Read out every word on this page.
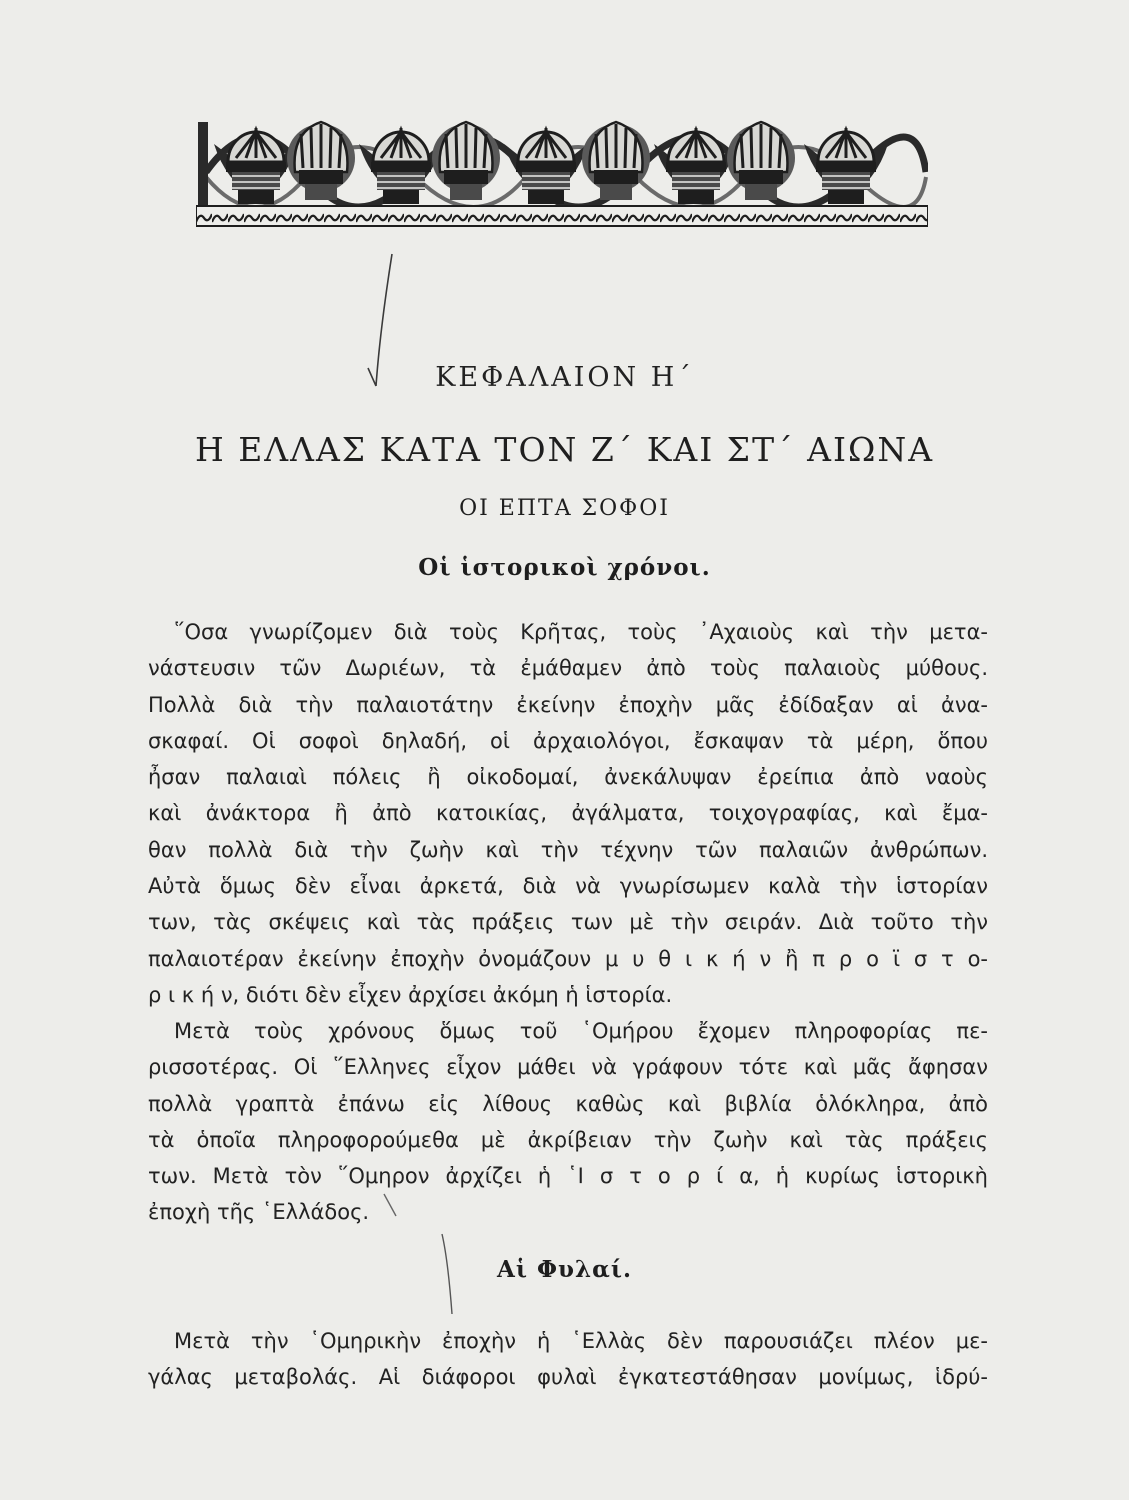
ΚΕΦΑΛΑΙΟΝ Η΄
Η ΕΛΛΑΣ ΚΑΤΑ ΤΟΝ Ζ΄ ΚΑΙ ΣΤ΄ ΑΙΩΝΑ
ΟΙ ΕΠΤΑ ΣΟΦΟΙ
Οἱ ἱστορικοὶ χρόνοι.

῞Οσα γνωρίζομεν διὰ τοὺς Κρῆτας, τοὺς ᾿Αχαιοὺς καὶ τὴν μετα-
νάστευσιν τῶν Δωριέων, τὰ ἐμάθαμεν ἀπὸ τοὺς παλαιοὺς μύθους.
Πολλὰ διὰ τὴν παλαιοτάτην ἐκείνην ἐποχὴν μᾶς ἐδίδαξαν αἱ ἀνα-
σκαφαί. Οἱ σοφοὶ δηλαδή, οἱ ἀρχαιολόγοι, ἔσκαψαν τὰ μέρη, ὅπου
ἦσαν παλαιαὶ πόλεις ἢ οἰκοδομαί, ἀνεκάλυψαν ἐρείπια ἀπὸ ναοὺς
καὶ ἀνάκτορα ἢ ἀπὸ κατοικίας, ἀγάλματα, τοιχογραφίας, καὶ ἔμα-
θαν πολλὰ διὰ τὴν ζωὴν καὶ τὴν τέχνην τῶν παλαιῶν ἀνθρώπων.
Αὐτὰ ὅμως δὲν εἶναι ἀρκετά, διὰ νὰ γνωρίσωμεν καλὰ τὴν ἱστορίαν
των, τὰς σκέψεις καὶ τὰς πράξεις των μὲ τὴν σειράν. Διὰ τοῦτο τὴν
παλαιοτέραν ἐκείνην ἐποχὴν ὀνομάζουν μ υ θ ι κ ή ν ἢ π ρ ο ϊ σ τ ο-
ρ ι κ ή ν, διότι δὲν εἶχεν ἀρχίσει ἀκόμη ἡ ἱστορία.

Μετὰ τοὺς χρόνους ὅμως τοῦ ῾Ομήρου ἔχομεν πληροφορίας πε-
ρισσοτέρας. Οἱ ῞Ελληνες εἶχον μάθει νὰ γράφουν τότε καὶ μᾶς ἄφησαν
πολλὰ γραπτὰ ἐπάνω εἰς λίθους καθὼς καὶ βιβλία ὁλόκληρα, ἀπὸ
τὰ ὁποῖα πληροφορούμεθα μὲ ἀκρίβειαν τὴν ζωὴν καὶ τὰς πράξεις
των. Μετὰ τὸν ῞Ομηρον ἀρχίζει ἡ ῾Ι σ τ ο ρ ί α, ἡ κυρίως ἱστορικὴ
ἐποχὴ τῆς ῾Ελλάδος.

Αἱ Φυλαί.

Μετὰ τὴν ῾Ομηρικὴν ἐποχὴν ἡ ῾Ελλὰς δὲν παρουσιάζει πλέον με-
γάλας μεταβολάς. Αἱ διάφοροι φυλαὶ ἐγκατεστάθησαν μονίμως, ἱδρύ-
